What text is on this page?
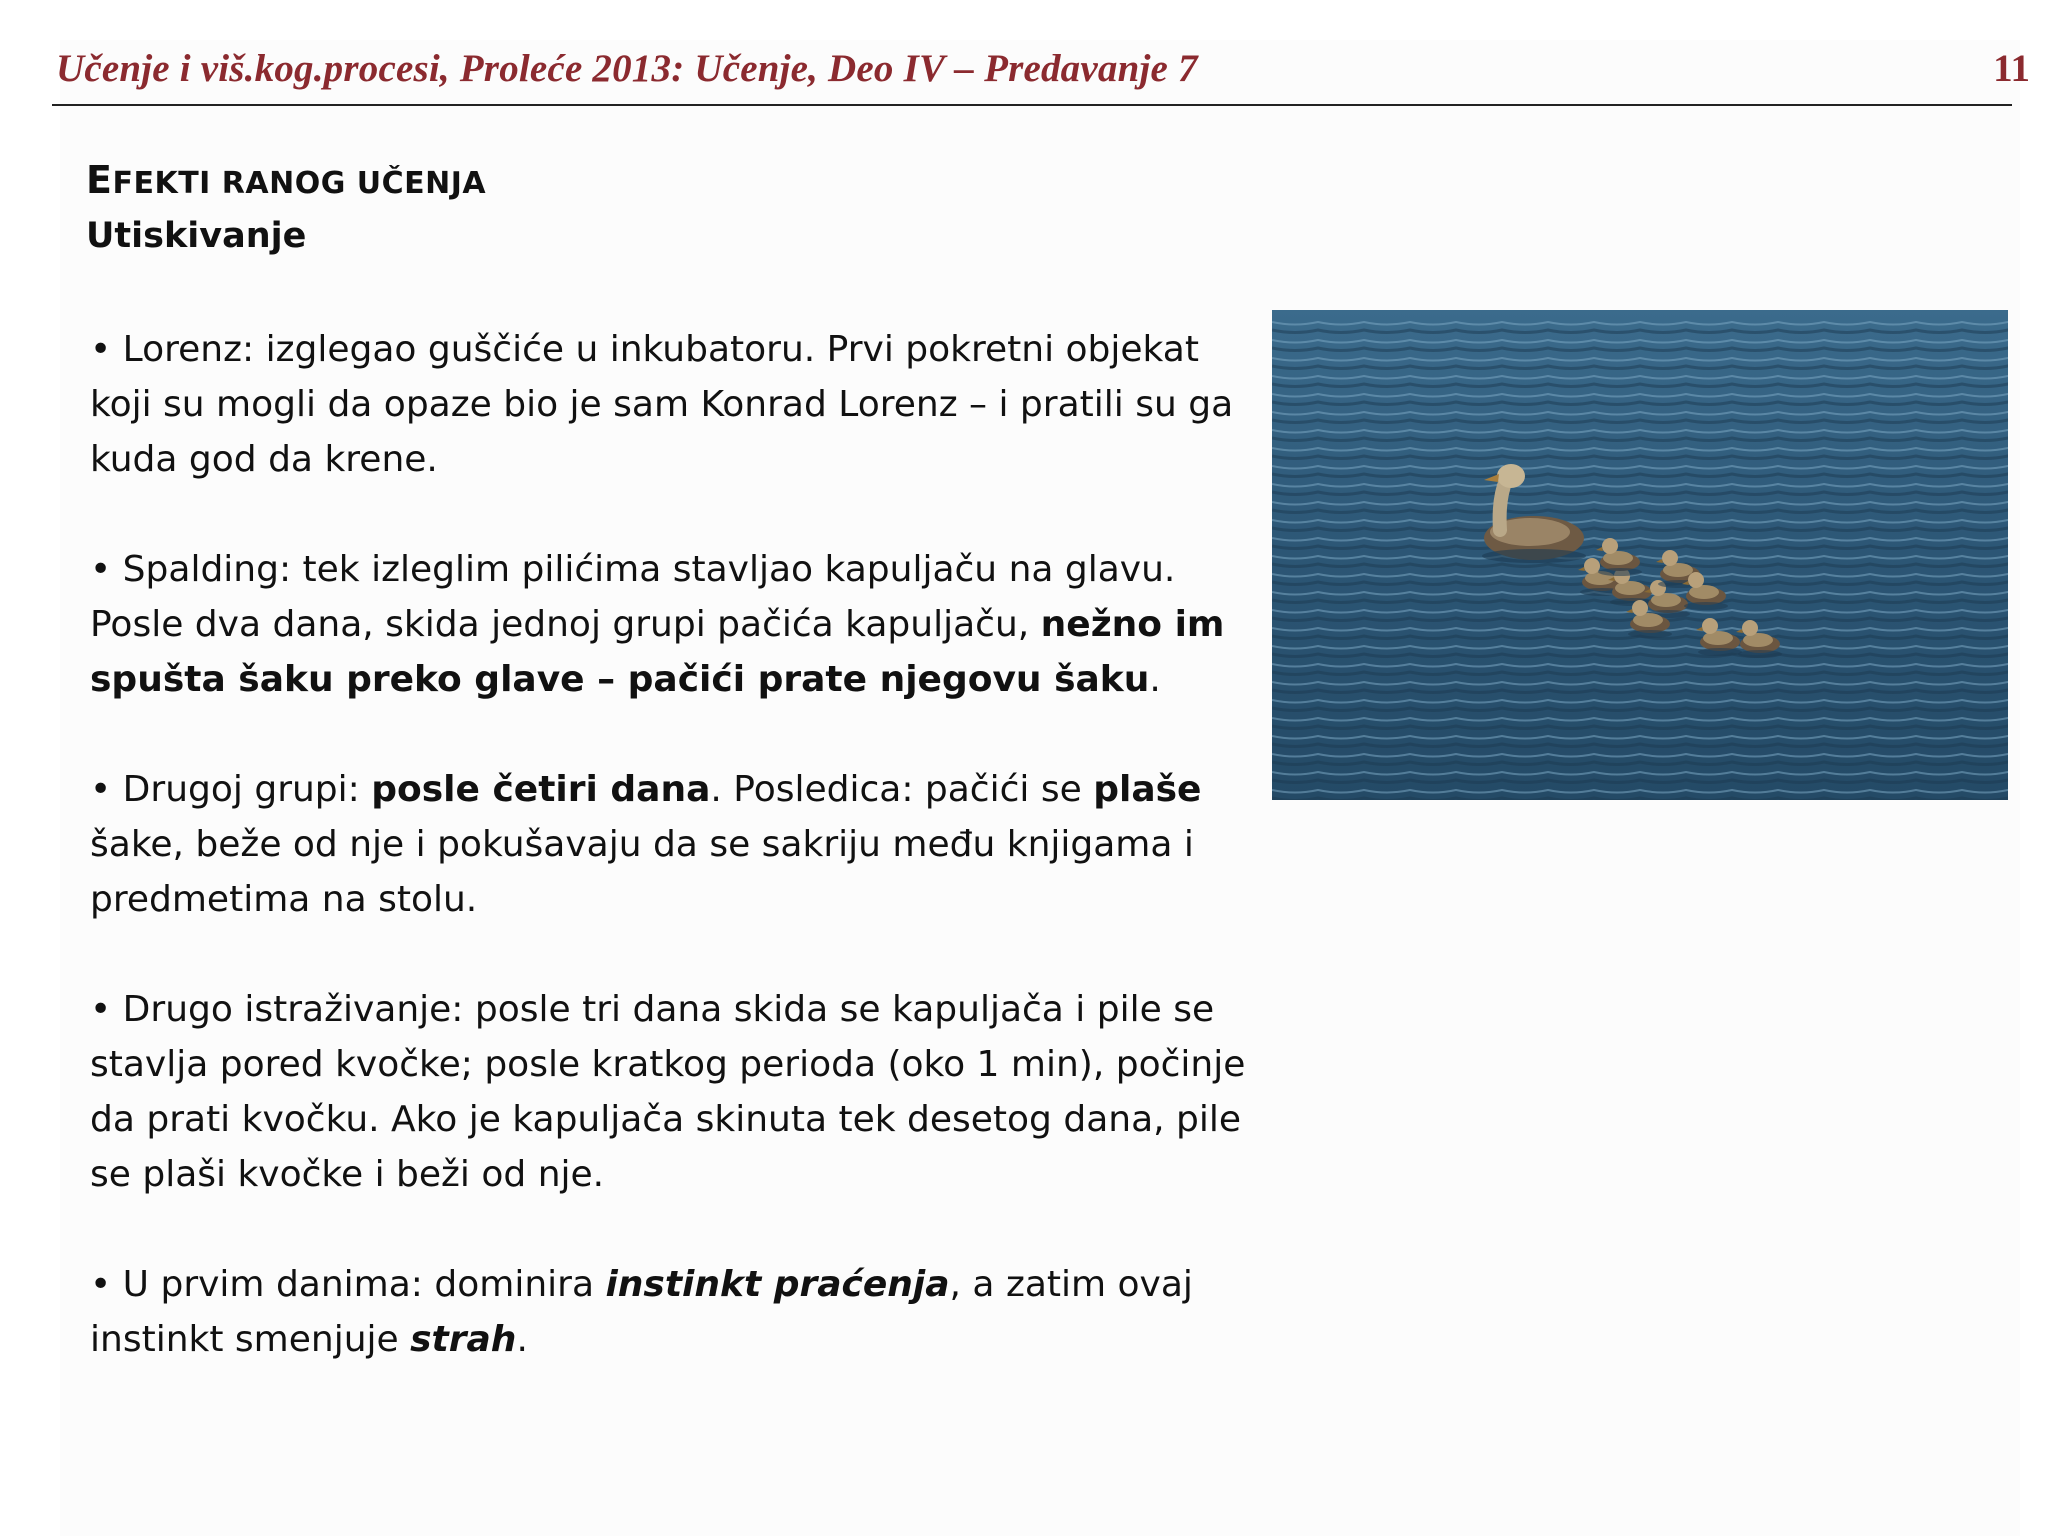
Učenje i viš.kog.procesi, Proleće 2013: Učenje, Deo IV – Predavanje 7	11
EFEKTI RANOG UČENJA
Utiskivanje

• Lorenz: izglegao guščiće u inkubatoru. Prvi pokretni objekat koji su mogli da opaze bio je sam Konrad Lorenz – i pratili su ga kuda god da krene.

• Spalding: tek izleglim pilićima stavljao kapuljaču na glavu. Posle dva dana, skida jednoj grupi pačića kapuljaču, nežno im spušta šaku preko glave – pačići prate njegovu šaku.

• Drugoj grupi: posle četiri dana. Posledica: pačići se plaše šake, beže od nje i pokušavaju da se sakriju među knjigama i predmetima na stolu.

• Drugo istraživanje: posle tri dana skida se kapuljača i pile se stavlja pored kvočke; posle kratkog perioda (oko 1 min), počinje da prati kvočku. Ako je kapuljača skinuta tek desetog dana, pile se plaši kvočke i beži od nje.

• U prvim danima: dominira instinkt praćenja, a zatim ovaj instinkt smenjuje strah.
